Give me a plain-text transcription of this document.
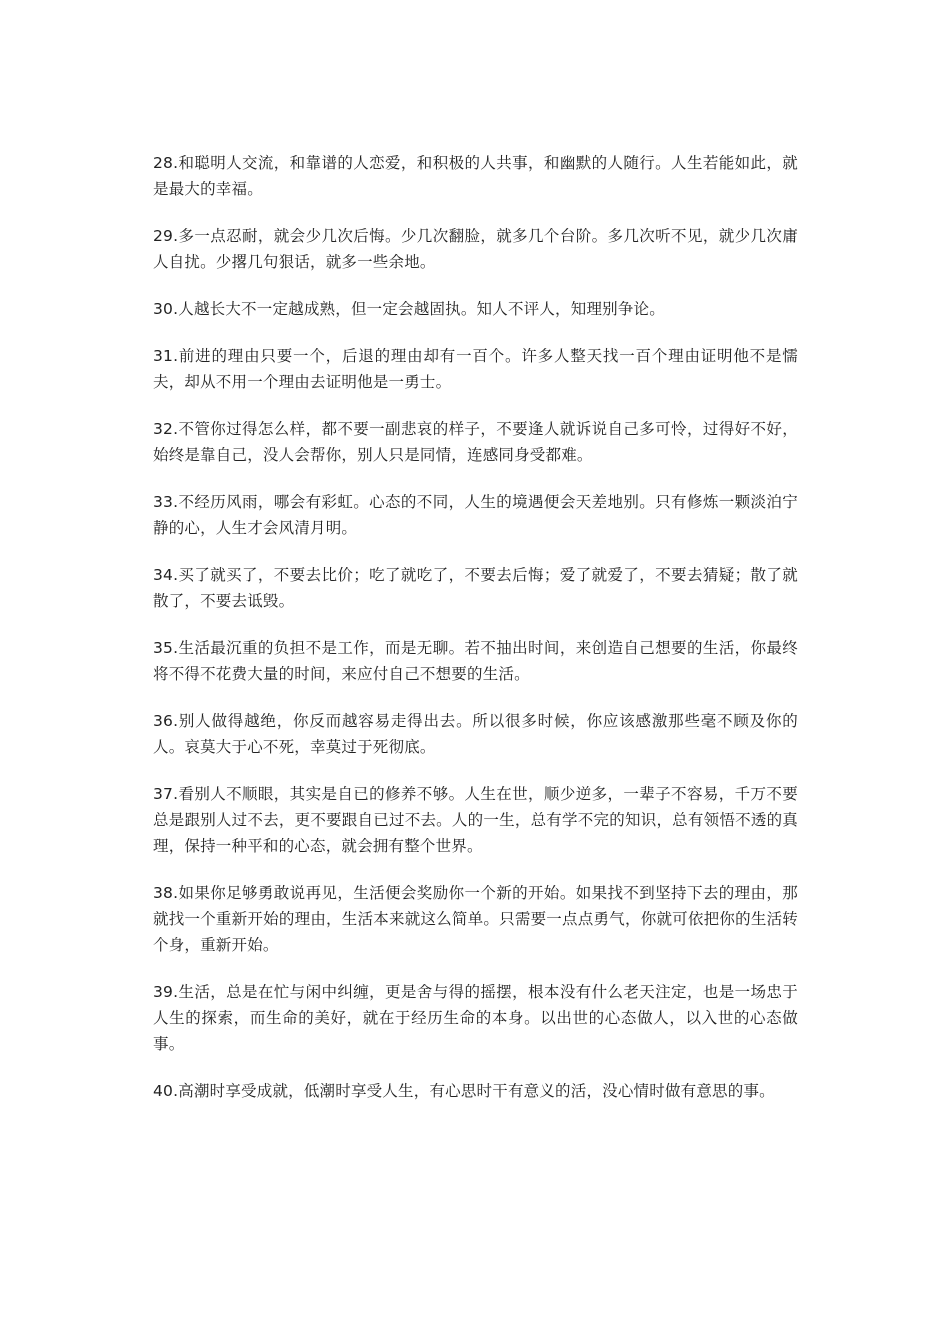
28.和聪明人交流，和靠谱的人恋爱，和积极的人共事，和幽默的人随行。人生若能如此，就是最大的幸福。

29.多一点忍耐，就会少几次后悔。少几次翻脸，就多几个台阶。多几次听不见，就少几次庸人自扰。少撂几句狠话，就多一些余地。

30.人越长大不一定越成熟，但一定会越固执。知人不评人，知理别争论。

31.前进的理由只要一个，后退的理由却有一百个。许多人整天找一百个理由证明他不是懦夫，却从不用一个理由去证明他是一勇士。

32.不管你过得怎么样，都不要一副悲哀的样子，不要逢人就诉说自己多可怜，过得好不好，始终是靠自己，没人会帮你，别人只是同情，连感同身受都难。

33.不经历风雨，哪会有彩虹。心态的不同，人生的境遇便会天差地别。只有修炼一颗淡泊宁静的心，人生才会风清月明。

34.买了就买了，不要去比价；吃了就吃了，不要去后悔；爱了就爱了，不要去猜疑；散了就散了，不要去诋毁。

35.生活最沉重的负担不是工作，而是无聊。若不抽出时间，来创造自己想要的生活，你最终将不得不花费大量的时间，来应付自己不想要的生活。

36.别人做得越绝，你反而越容易走得出去。所以很多时候，你应该感激那些毫不顾及你的人。哀莫大于心不死，幸莫过于死彻底。

37.看别人不顺眼，其实是自已的修养不够。人生在世，顺少逆多，一辈子不容易，千万不要总是跟别人过不去，更不要跟自已过不去。人的一生，总有学不完的知识，总有领悟不透的真理，保持一种平和的心态，就会拥有整个世界。

38.如果你足够勇敢说再见，生活便会奖励你一个新的开始。如果找不到坚持下去的理由，那就找一个重新开始的理由，生活本来就这么简单。只需要一点点勇气，你就可依把你的生活转个身，重新开始。

39.生活，总是在忙与闲中纠缠，更是舍与得的摇摆，根本没有什么老天注定，也是一场忠于人生的探索，而生命的美好，就在于经历生命的本身。以出世的心态做人，以入世的心态做事。

40.高潮时享受成就，低潮时享受人生，有心思时干有意义的活，没心情时做有意思的事。
